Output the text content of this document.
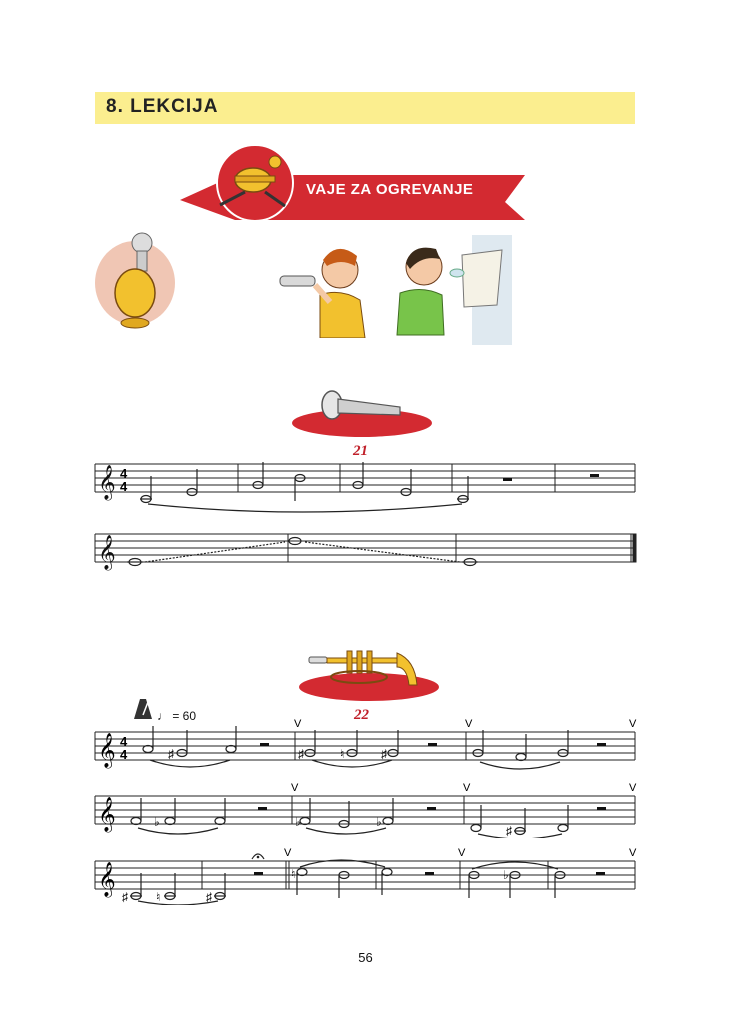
8. LEKCIJA
VAJE ZA OGREVANJE
21
𝄞 4
4
𝄞
♩ = 60	22
𝄞 4
4
V	V	V
♯	♯	♮	♯
𝄞
V	V	V
♭	♭	♭
♯
𝄞
V	V	V
♯ ♮	♯
♮	♭
56
